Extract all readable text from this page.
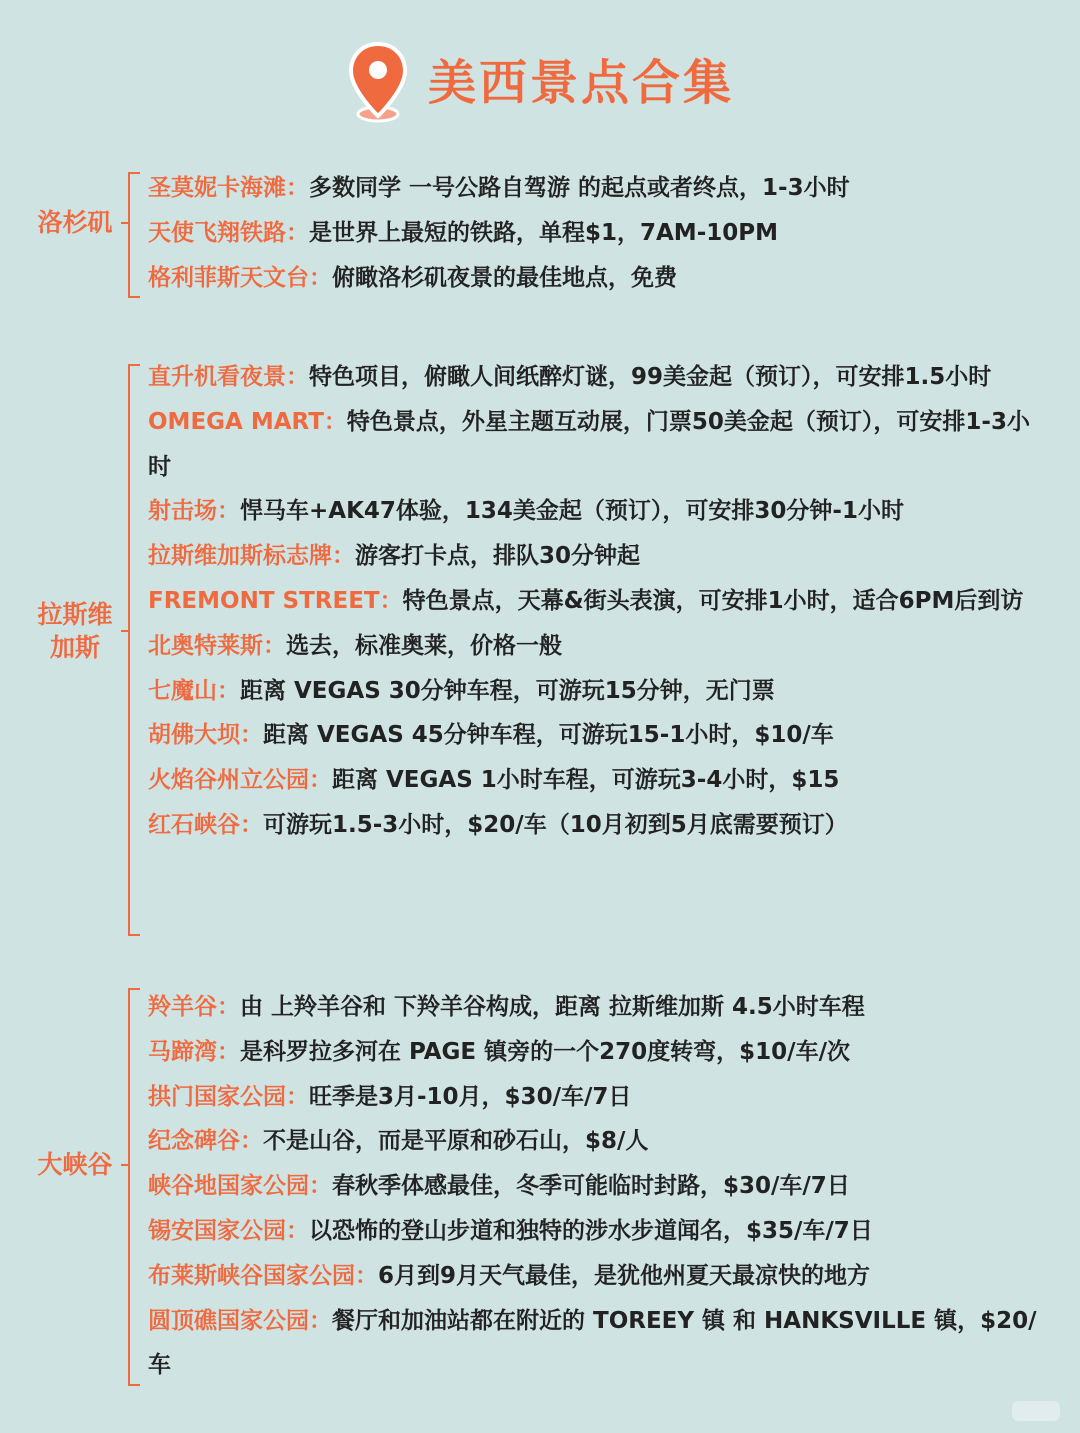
美西景点合集
洛杉矶
圣莫妮卡海滩：多数同学 一号公路自驾游 的起点或者终点，1-3小时
天使飞翔铁路：是世界上最短的铁路，单程$1，7AM-10PM
格利菲斯天文台：俯瞰洛杉矶夜景的最佳地点，免费
拉斯维
加斯
直升机看夜景：特色项目，俯瞰人间纸醉灯谜，99美金起（预订），可安排1.5小时
OMEGA MART：特色景点，外星主题互动展，门票50美金起（预订），可安排1-3小时
射击场：悍马车+AK47体验，134美金起（预订），可安排30分钟-1小时
拉斯维加斯标志牌：游客打卡点，排队30分钟起
FREMONT STREET：特色景点，天幕&街头表演，可安排1小时，适合6PM后到访
北奥特莱斯：选去，标准奥莱，价格一般
七魔山：距离 VEGAS 30分钟车程，可游玩15分钟，无门票
胡佛大坝：距离 VEGAS 45分钟车程，可游玩15-1小时，$10/车
火焰谷州立公园：距离 VEGAS 1小时车程，可游玩3-4小时，$15
红石峡谷：可游玩1.5-3小时，$20/车（10月初到5月底需要预订）
大峡谷
羚羊谷：由 上羚羊谷和 下羚羊谷构成，距离 拉斯维加斯 4.5小时车程
马蹄湾：是科罗拉多河在 PAGE 镇旁的一个270度转弯，$10/车/次
拱门国家公园：旺季是3月-10月，$30/车/7日
纪念碑谷：不是山谷，而是平原和砂石山，$8/人
峡谷地国家公园：春秋季体感最佳，冬季可能临时封路，$30/车/7日
锡安国家公园：以恐怖的登山步道和独特的涉水步道闻名，$35/车/7日
布莱斯峡谷国家公园：6月到9月天气最佳，是犹他州夏天最凉快的地方
圆顶礁国家公园：餐厅和加油站都在附近的 TOREEY 镇 和 HANKSVILLE 镇，$20/车
